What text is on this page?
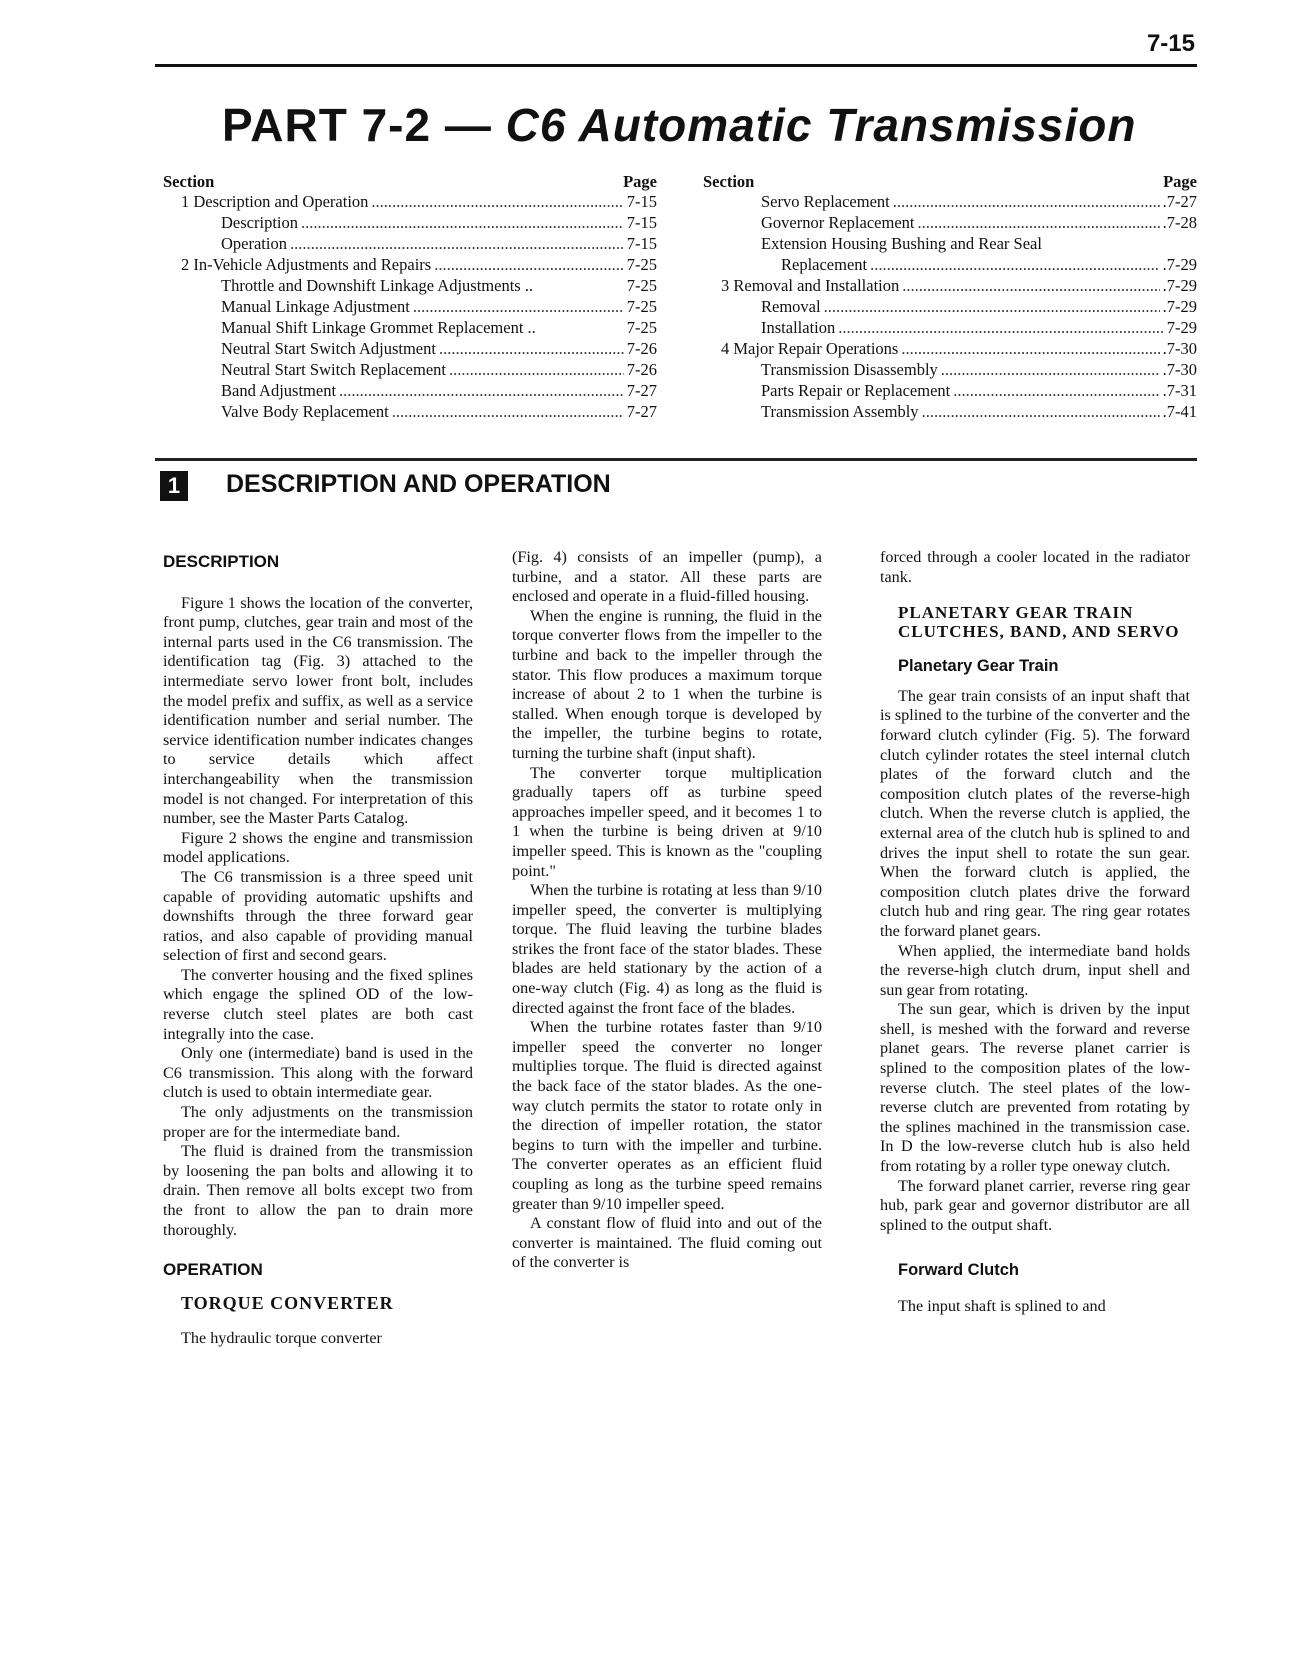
7-15
PART 7-2 — C6 Automatic Transmission
Section	Page
1 Description and Operation .....	7-15
Description .....	7-15
Operation .....	7-15
2 In-Vehicle Adjustments and Repairs .....	7-25
Throttle and Downshift Linkage Adjustments ..	7-25
Manual Linkage Adjustment .....	7-25
Manual Shift Linkage Grommet Replacement ..	7-25
Neutral Start Switch Adjustment .....	7-26
Neutral Start Switch Replacement .....	7-26
Band Adjustment .....	7-27
Valve Body Replacement .....	7-27
Section	Page
Servo Replacement .....	.7-27
Governor Replacement .....	.7-28
Extension Housing Bushing and Rear Seal
Replacement .....	.7-29
3 Removal and Installation .....	.7-29
Removal .....	.7-29
Installation .....	7-29
4 Major Repair Operations .....	.7-30
Transmission Disassembly .....	.7-30
Parts Repair or Replacement .....	.7-31
Transmission Assembly .....	.7-41
1	DESCRIPTION AND OPERATION
DESCRIPTION

Figure 1 shows the location of the converter, front pump, clutches, gear train and most of the internal parts used in the C6 transmission. The identification tag (Fig. 3) attached to the intermediate servo lower front bolt, includes the model prefix and suffix, as well as a service identification number and serial number. The service identification number indicates changes to service details which affect interchangeability when the transmission model is not changed. For interpretation of this number, see the Master Parts Catalog.

Figure 2 shows the engine and transmission model applications.

The C6 transmission is a three speed unit capable of providing automatic upshifts and downshifts through the three forward gear ratios, and also capable of providing manual selection of first and second gears.

The converter housing and the fixed splines which engage the splined OD of the low-reverse clutch steel plates are both cast integrally into the case.

Only one (intermediate) band is used in the C6 transmission. This along with the forward clutch is used to obtain intermediate gear.

The only adjustments on the transmission proper are for the intermediate band.

The fluid is drained from the transmission by loosening the pan bolts and allowing it to drain. Then remove all bolts except two from the front to allow the pan to drain more thoroughly.

OPERATION
TORQUE CONVERTER

The hydraulic torque converter

(Fig. 4) consists of an impeller (pump), a turbine, and a stator. All these parts are enclosed and operate in a fluid-filled housing.

When the engine is running, the fluid in the torque converter flows from the impeller to the turbine and back to the impeller through the stator. This flow produces a maximum torque increase of about 2 to 1 when the turbine is stalled. When enough torque is developed by the impeller, the turbine begins to rotate, turning the turbine shaft (input shaft).

The converter torque multiplication gradually tapers off as turbine speed approaches impeller speed, and it becomes 1 to 1 when the turbine is being driven at 9/10 impeller speed. This is known as the "coupling point."

When the turbine is rotating at less than 9/10 impeller speed, the converter is multiplying torque. The fluid leaving the turbine blades strikes the front face of the stator blades. These blades are held stationary by the action of a one-way clutch (Fig. 4) as long as the fluid is directed against the front face of the blades.

When the turbine rotates faster than 9/10 impeller speed the converter no longer multiplies torque. The fluid is directed against the back face of the stator blades. As the one-way clutch permits the stator to rotate only in the direction of impeller rotation, the stator begins to turn with the impeller and turbine. The converter operates as an efficient fluid coupling as long as the turbine speed remains greater than 9/10 impeller speed.

A constant flow of fluid into and out of the converter is maintained. The fluid coming out of the converter is

forced through a cooler located in the radiator tank.

PLANETARY GEAR TRAIN CLUTCHES, BAND, AND SERVO
Planetary Gear Train

The gear train consists of an input shaft that is splined to the turbine of the converter and the forward clutch cylinder (Fig. 5). The forward clutch cylinder rotates the steel internal clutch plates of the forward clutch and the composition clutch plates of the reverse-high clutch. When the reverse clutch is applied, the external area of the clutch hub is splined to and drives the input shell to rotate the sun gear. When the forward clutch is applied, the composition clutch plates drive the forward clutch hub and ring gear. The ring gear rotates the forward planet gears.

When applied, the intermediate band holds the reverse-high clutch drum, input shell and sun gear from rotating.

The sun gear, which is driven by the input shell, is meshed with the forward and reverse planet gears. The reverse planet carrier is splined to the composition plates of the low-reverse clutch. The steel plates of the low-reverse clutch are prevented from rotating by the splines machined in the transmission case. In D the low-reverse clutch hub is also held from rotating by a roller type oneway clutch.

The forward planet carrier, reverse ring gear hub, park gear and governor distributor are all splined to the output shaft.

Forward Clutch

The input shaft is splined to and
